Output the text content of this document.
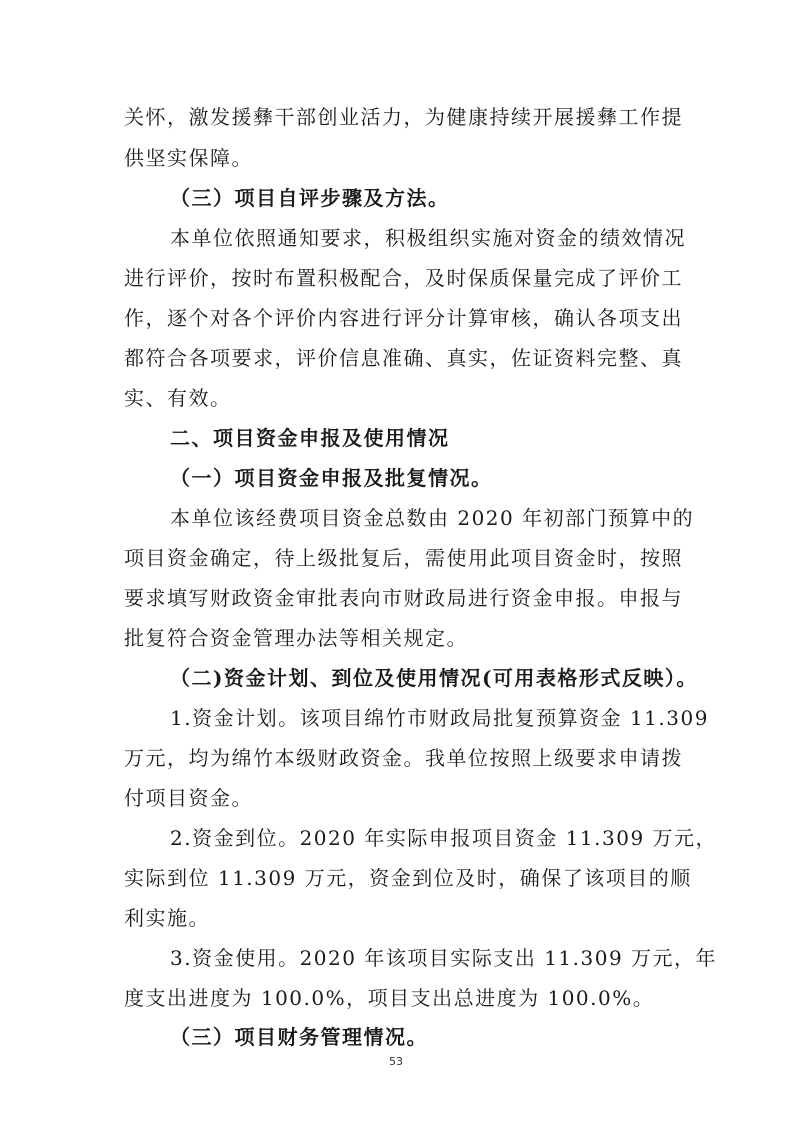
关怀，激发援彝干部创业活力，为健康持续开展援彝工作提
供坚实保障。
（三）项目自评步骤及方法。
本单位依照通知要求，积极组织实施对资金的绩效情况
进行评价，按时布置积极配合，及时保质保量完成了评价工
作，逐个对各个评价内容进行评分计算审核，确认各项支出
都符合各项要求，评价信息准确、真实，佐证资料完整、真
实、有效。
二、项目资金申报及使用情况
（一）项目资金申报及批复情况。
本单位该经费项目资金总数由 2020 年初部门预算中的
项目资金确定，待上级批复后，需使用此项目资金时，按照
要求填写财政资金审批表向市财政局进行资金申报。申报与
批复符合资金管理办法等相关规定。
（二)资金计划、到位及使用情况(可用表格形式反映）。
1.资金计划。该项目绵竹市财政局批复预算资金 11.309
万元，均为绵竹本级财政资金。我单位按照上级要求申请拨
付项目资金。
2.资金到位。2020 年实际申报项目资金 11.309 万元，
实际到位 11.309 万元，资金到位及时，确保了该项目的顺
利实施。
3.资金使用。2020 年该项目实际支出 11.309 万元，年
度支出进度为 100.0%，项目支出总进度为 100.0%。
（三）项目财务管理情况。
53
